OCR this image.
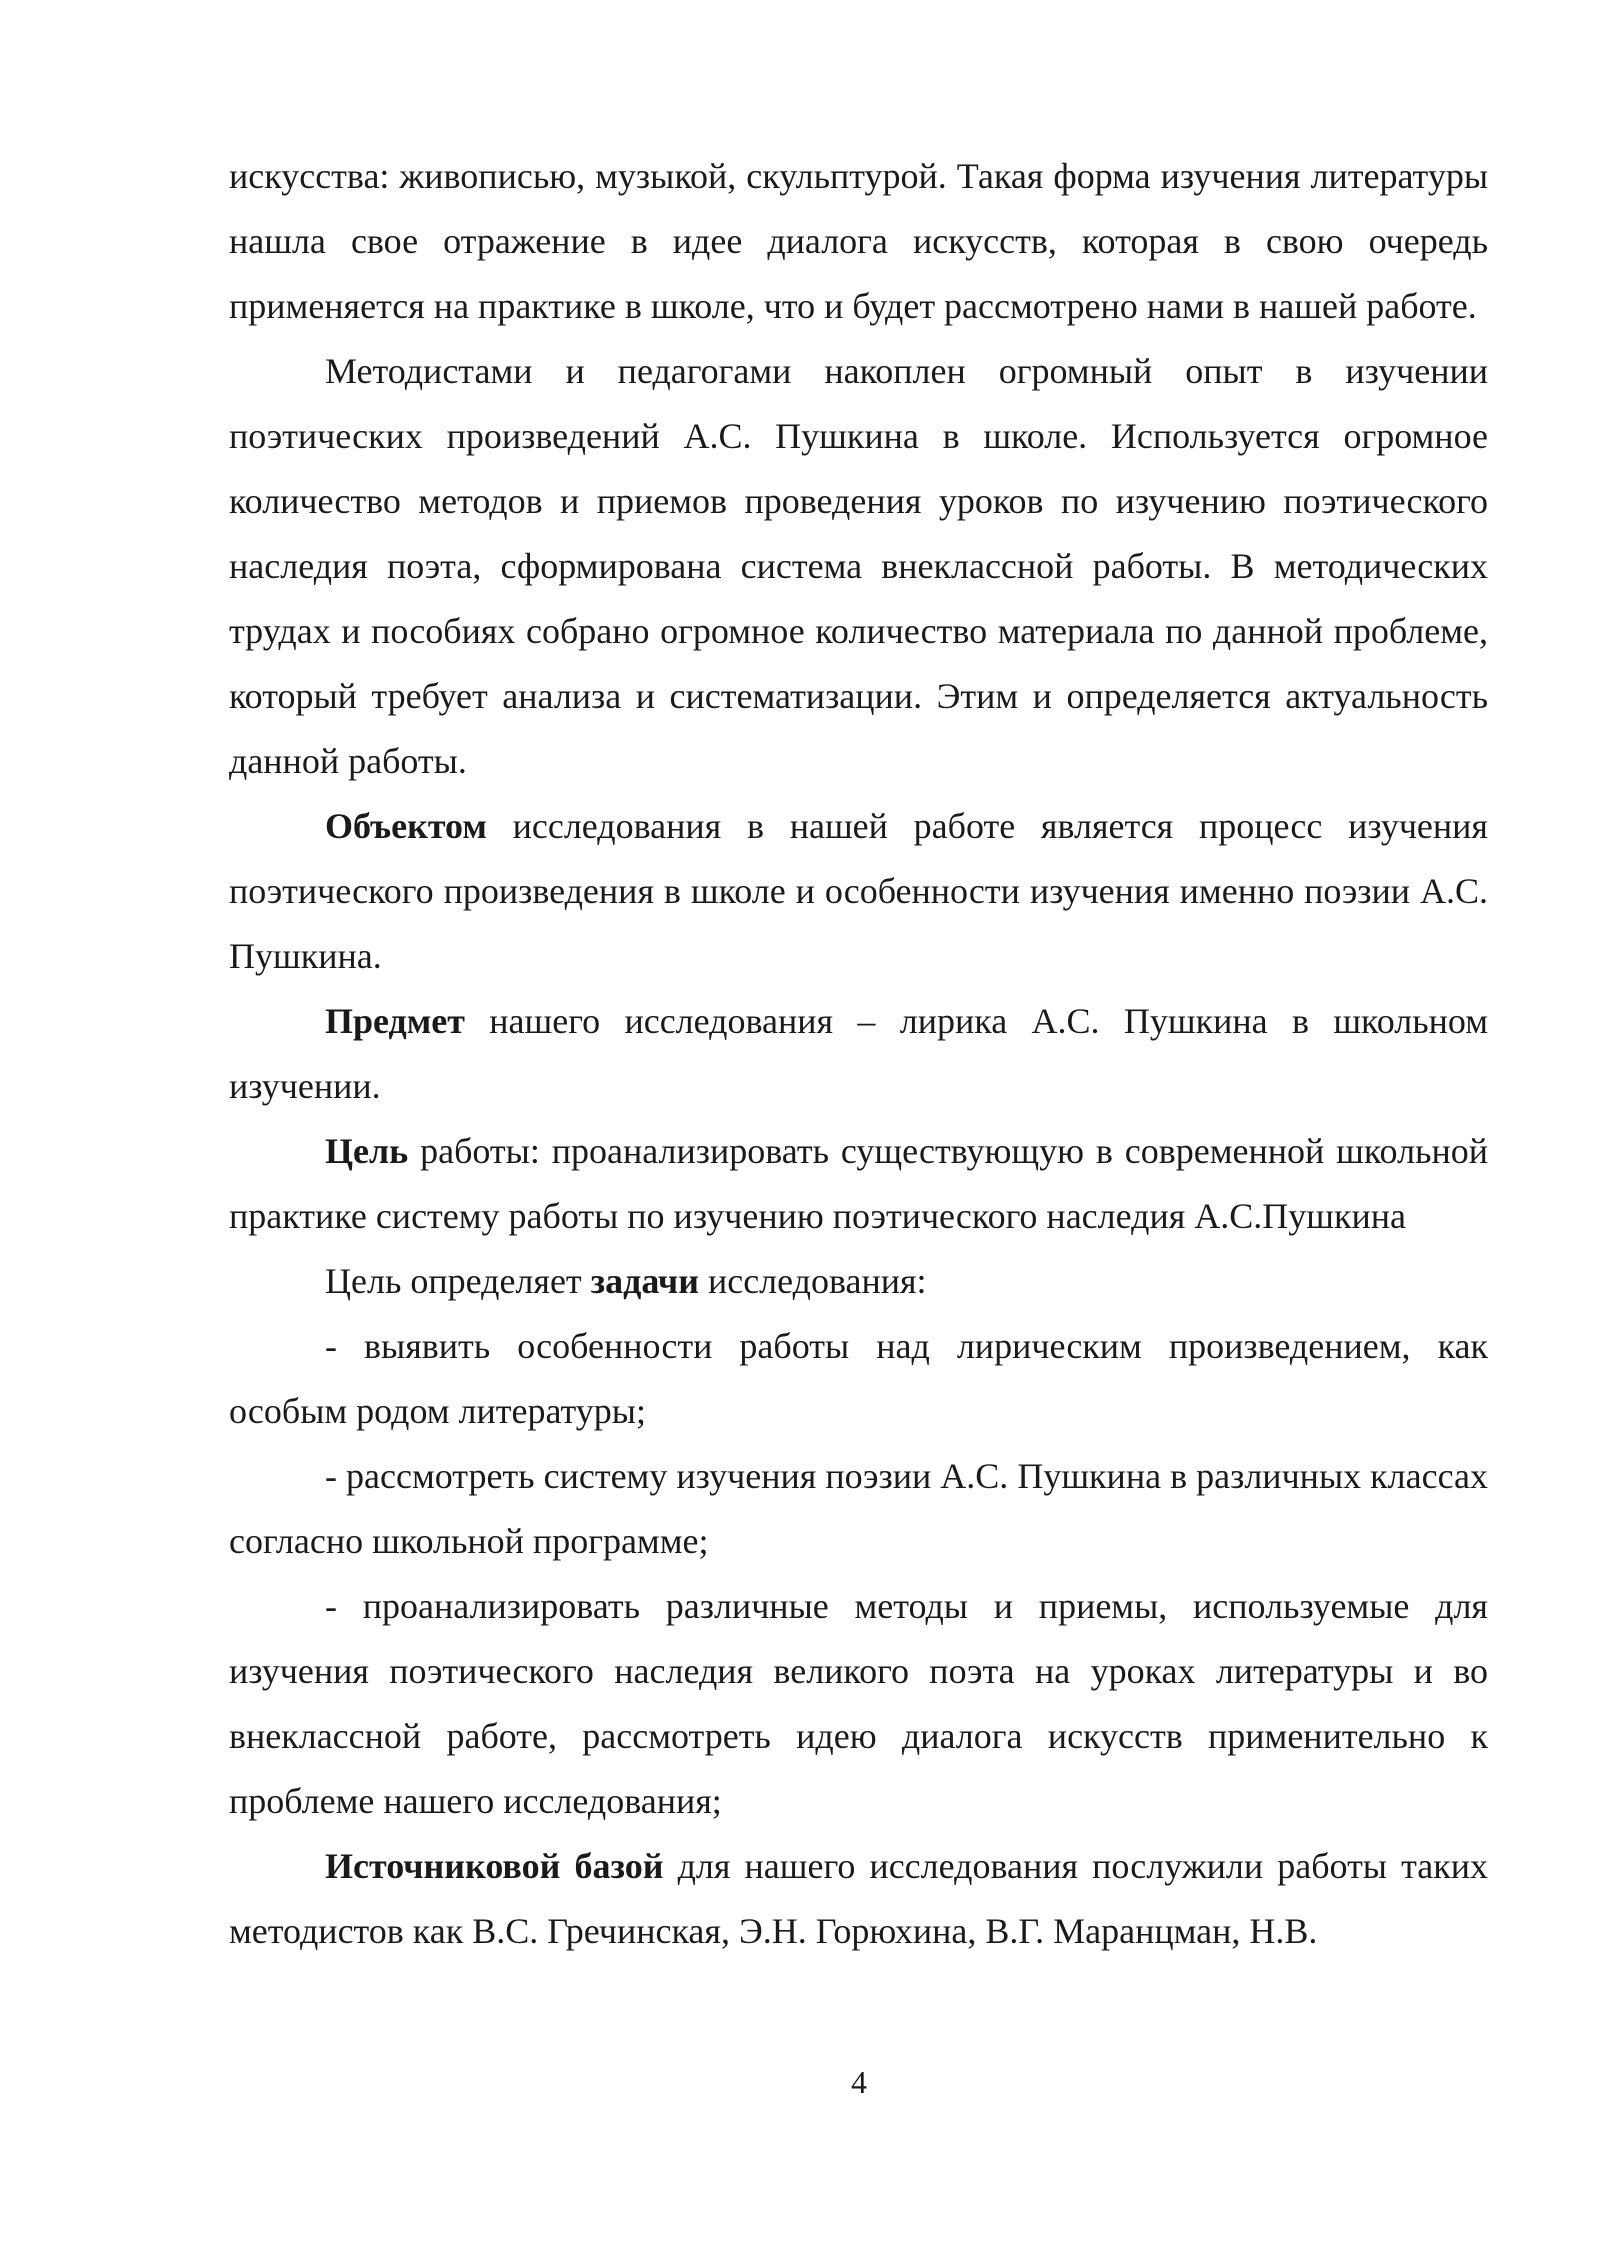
искусства: живописью, музыкой, скульптурой. Такая форма изучения литературы нашла свое отражение в идее диалога искусств, которая в свою очередь применяется на практике в школе, что и будет рассмотрено нами в нашей работе.

Методистами и педагогами накоплен огромный опыт в изучении поэтических произведений А.С. Пушкина в школе. Используется огромное количество методов и приемов проведения уроков по изучению поэтического наследия поэта, сформирована система внеклассной работы. В методических трудах и пособиях собрано огромное количество материала по данной проблеме, который требует анализа и систематизации. Этим и определяется актуальность данной работы.

Объектом исследования в нашей работе является процесс изучения поэтического произведения в школе и особенности изучения именно поэзии А.С. Пушкина.

Предмет нашего исследования – лирика А.С. Пушкина в школьном изучении.

Цель работы: проанализировать существующую в современной школьной практике систему работы по изучению поэтического наследия А.С.Пушкина

Цель определяет задачи исследования:

- выявить особенности работы над лирическим произведением, как особым родом литературы;

- рассмотреть систему изучения поэзии А.С. Пушкина в различных классах согласно школьной программе;

- проанализировать различные методы и приемы, используемые для изучения поэтического наследия великого поэта на уроках литературы и во внеклассной работе, рассмотреть идею диалога искусств применительно к проблеме нашего исследования;

Источниковой базой для нашего исследования послужили работы таких методистов как В.С. Гречинская, Э.Н. Горюхина, В.Г. Маранцман, Н.В.

4
